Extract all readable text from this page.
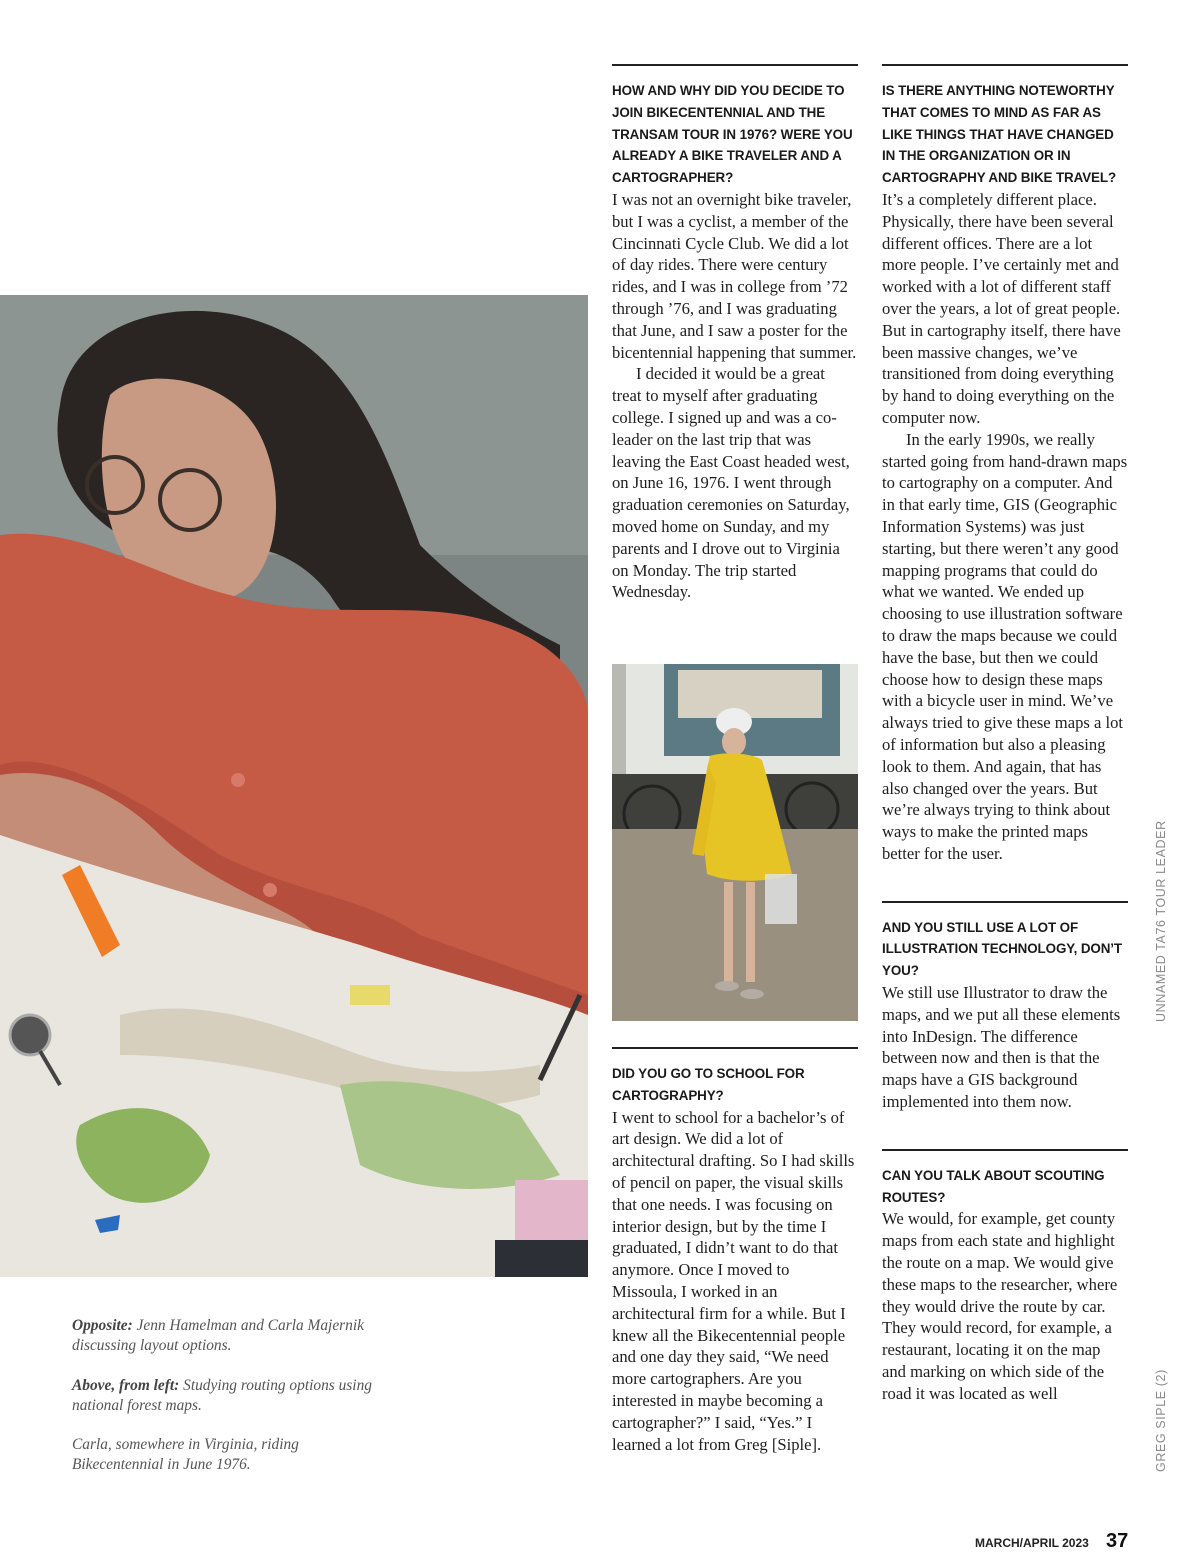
HOW AND WHY DID YOU DECIDE TO JOIN BIKECENTENNIAL AND THE TRANSAM TOUR IN 1976? WERE YOU ALREADY A BIKE TRAVELER AND A CARTOGRAPHER?

I was not an overnight bike traveler, but I was a cyclist, a member of the Cincinnati Cycle Club. We did a lot of day rides. There were century rides, and I was in college from ’72 through ’76, and I was graduating that June, and I saw a poster for the bicentennial happening that summer.

I decided it would be a great treat to myself after graduating college. I signed up and was a co-leader on the last trip that was leaving the East Coast headed west, on June 16, 1976. I went through graduation ceremonies on Saturday, moved home on Sunday, and my parents and I drove out to Virginia on Monday. The trip started Wednesday.

DID YOU GO TO SCHOOL FOR CARTOGRAPHY?

I went to school for a bachelor’s of art design. We did a lot of architectural drafting. So I had skills of pencil on paper, the visual skills that one needs. I was focusing on interior design, but by the time I graduated, I didn’t want to do that anymore. Once I moved to Missoula, I worked in an architectural firm for a while. But I knew all the Bikecentennial people and one day they said, “We need more cartographers. Are you interested in maybe becoming a cartographer?” I said, “Yes.” I learned a lot from Greg [Siple].

IS THERE ANYTHING NOTEWORTHY THAT COMES TO MIND AS FAR AS LIKE THINGS THAT HAVE CHANGED IN THE ORGANIZATION OR IN CARTOGRAPHY AND BIKE TRAVEL?

It’s a completely different place. Physically, there have been several different offices. There are a lot more people. I’ve certainly met and worked with a lot of different staff over the years, a lot of great people. But in cartography itself, there have been massive changes, we’ve transitioned from doing everything by hand to doing everything on the computer now.

In the early 1990s, we really started going from hand-drawn maps to cartography on a computer. And in that early time, GIS (Geographic Information Systems) was just starting, but there weren’t any good mapping programs that could do what we wanted. We ended up choosing to use illustration software to draw the maps because we could have the base, but then we could choose how to design these maps with a bicycle user in mind. We’ve always tried to give these maps a lot of information but also a pleasing look to them. And again, that has also changed over the years. But we’re always trying to think about ways to make the printed maps better for the user.

AND YOU STILL USE A LOT OF ILLUSTRATION TECHNOLOGY, DON’T YOU?

We still use Illustrator to draw the maps, and we put all these elements into InDesign. The difference between now and then is that the maps have a GIS background implemented into them now.

CAN YOU TALK ABOUT SCOUTING ROUTES?

We would, for example, get county maps from each state and highlight the route on a map. We would give these maps to the researcher, where they would drive the route by car. They would record, for example, a restaurant, locating it on the map and marking on which side of the road it was located as well

Opposite: Jenn Hamelman and Carla Majernik discussing layout options.
Above, from left: Studying routing options using national forest maps.
Carla, somewhere in Virginia, riding Bikecentennial in June 1976.
UNNAMED TA76 TOUR LEADER
GREG SIPLE (2)
MARCH/APRIL 2023 37
